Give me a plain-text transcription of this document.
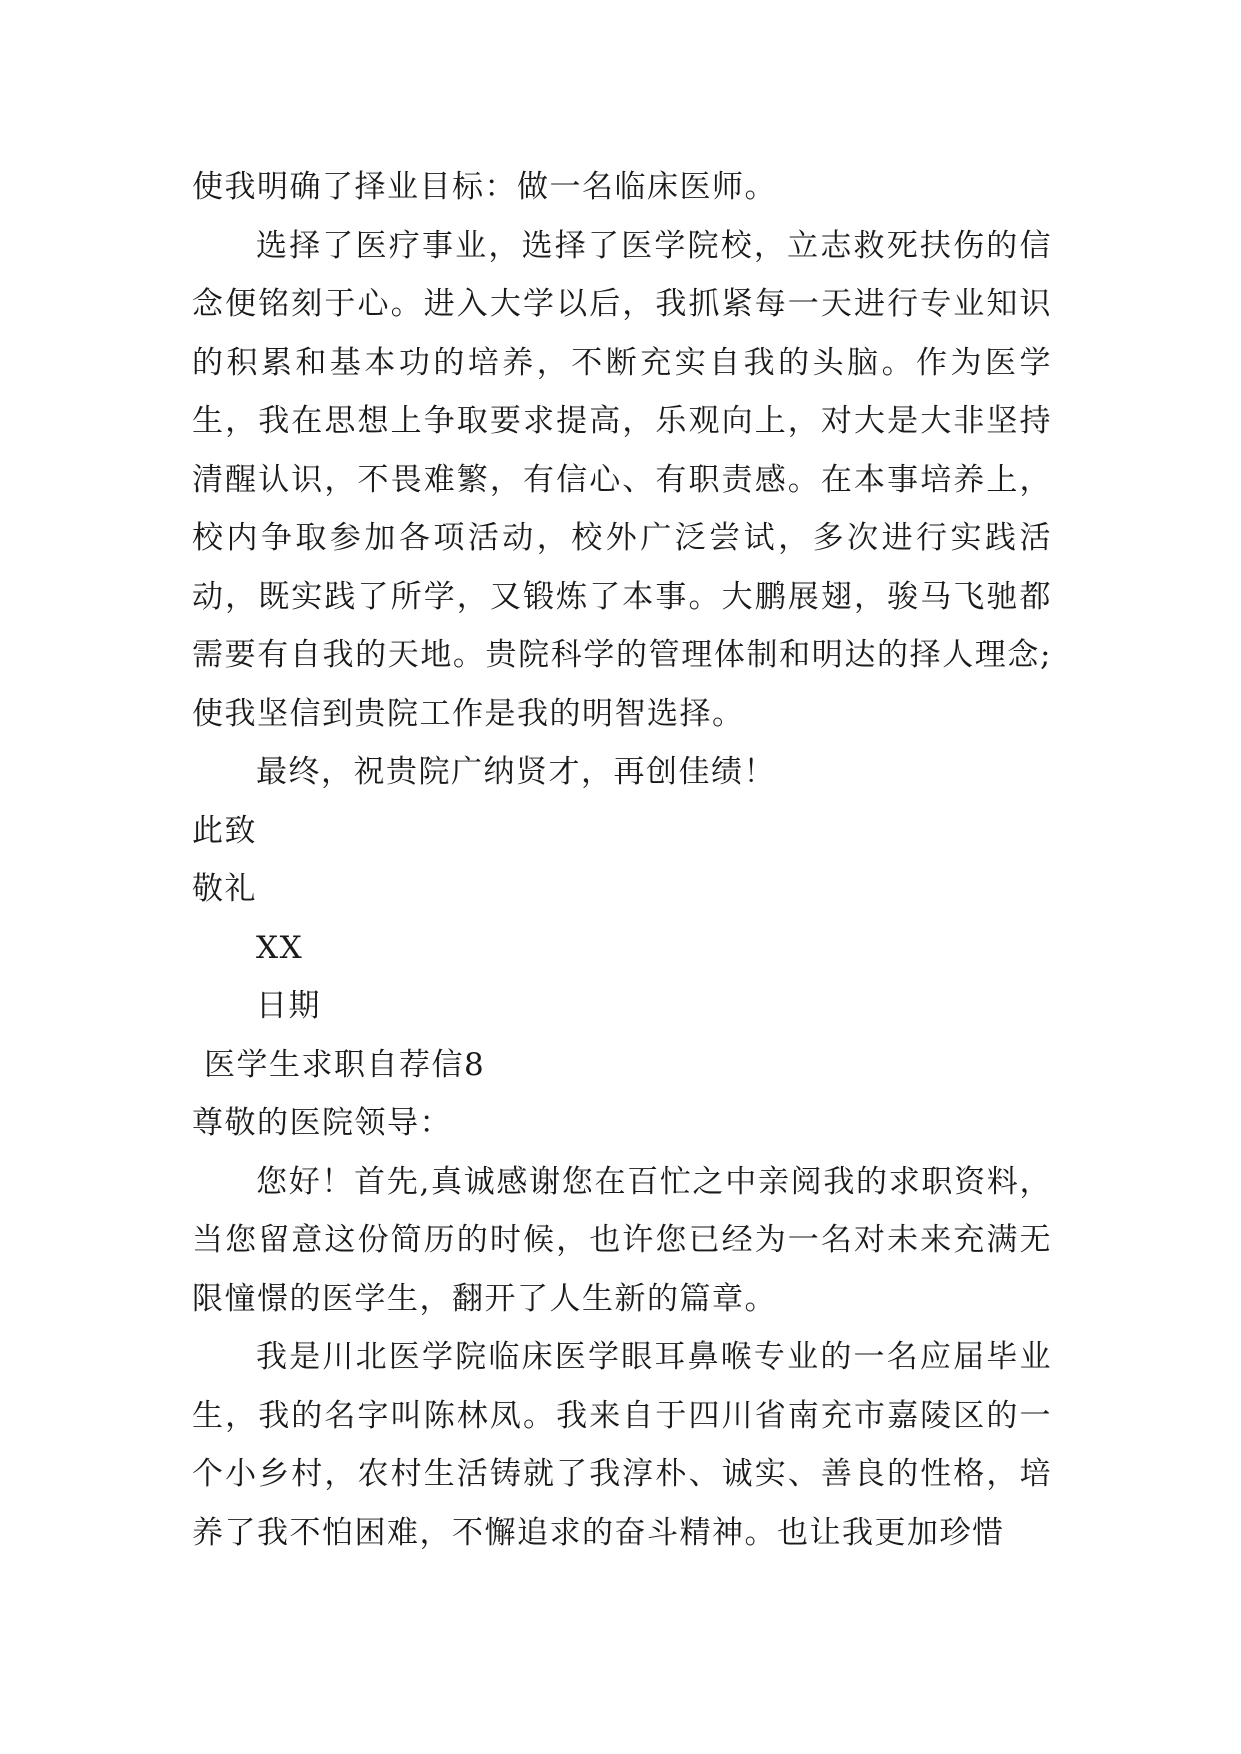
使我明确了择业目标：做一名临床医师。

选择了医疗事业，选择了医学院校，立志救死扶伤的信念便铭刻于心。进入大学以后，我抓紧每一天进行专业知识的积累和基本功的培养，不断充实自我的头脑。作为医学生，我在思想上争取要求提高，乐观向上，对大是大非坚持清醒认识，不畏难繁，有信心、有职责感。在本事培养上，校内争取参加各项活动，校外广泛尝试，多次进行实践活动，既实践了所学，又锻炼了本事。大鹏展翅，骏马飞驰都需要有自我的天地。贵院科学的管理体制和明达的择人理念;使我坚信到贵院工作是我的明智选择。

最终，祝贵院广纳贤才，再创佳绩！

此致

敬礼

XX

日期

医学生求职自荐信8

尊敬的医院领导：

您好！首先,真诚感谢您在百忙之中亲阅我的求职资料，当您留意这份简历的时候，也许您已经为一名对未来充满无限憧憬的医学生，翻开了人生新的篇章。

我是川北医学院临床医学眼耳鼻喉专业的一名应届毕业生，我的名字叫陈林凤。我来自于四川省南充市嘉陵区的一个小乡村，农村生活铸就了我淳朴、诚实、善良的性格，培养了我不怕困难，不懈追求的奋斗精神。也让我更加珍惜
